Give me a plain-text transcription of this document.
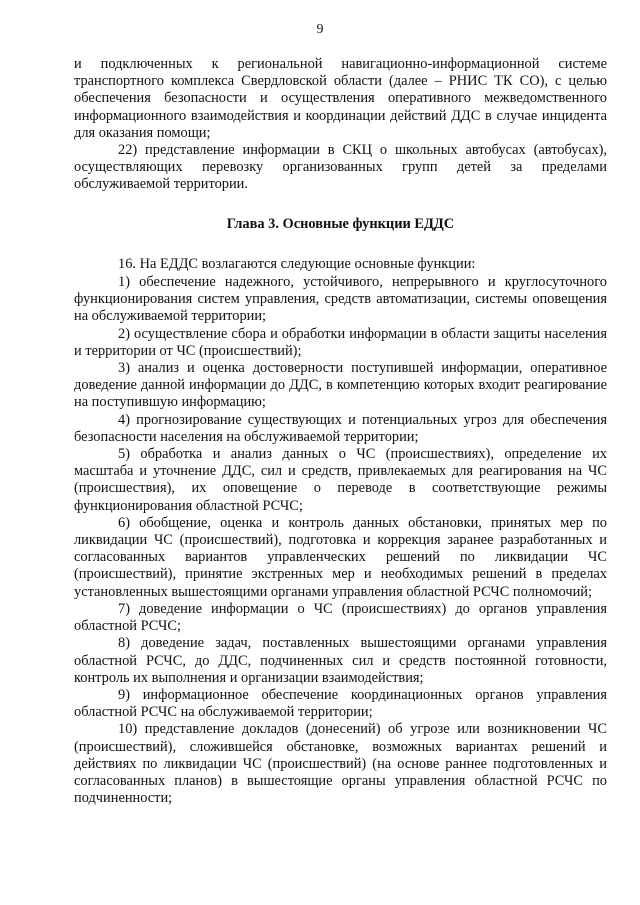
9

и подключенных к региональной навигационно-информационной системе транспортного комплекса Свердловской области (далее – РНИС ТК СО), с целью обеспечения безопасности и осуществления оперативного межведомственного информационного взаимодействия и координации действий ДДС в случае инцидента для оказания помощи;

22) представление информации в СКЦ о школьных автобусах (автобусах), осуществляющих перевозку организованных групп детей за пределами обслуживаемой территории.

Глава 3. Основные функции ЕДДС

16. На ЕДДС возлагаются следующие основные функции:

1) обеспечение надежного, устойчивого, непрерывного и круглосуточного функционирования систем управления, средств автоматизации, системы оповещения на обслуживаемой территории;

2) осуществление сбора и обработки информации в области защиты населения и территории от ЧС (происшествий);

3) анализ и оценка достоверности поступившей информации, оперативное доведение данной информации до ДДС, в компетенцию которых входит реагирование на поступившую информацию;

4) прогнозирование существующих и потенциальных угроз для обеспечения безопасности населения на обслуживаемой территории;

5) обработка и анализ данных о ЧС (происшествиях), определение их масштаба и уточнение ДДС, сил и средств, привлекаемых для реагирования на ЧС (происшествия), их оповещение о переводе в соответствующие режимы функционирования областной РСЧС;

6) обобщение, оценка и контроль данных обстановки, принятых мер по ликвидации ЧС (происшествий), подготовка и коррекция заранее разработанных и согласованных вариантов управленческих решений по ликвидации ЧС (происшествий), принятие экстренных мер и необходимых решений в пределах установленных вышестоящими органами управления областной РСЧС полномочий;

7) доведение информации о ЧС (происшествиях) до органов управления областной РСЧС;

8) доведение задач, поставленных вышестоящими органами управления областной РСЧС, до ДДС, подчиненных сил и средств постоянной готовности, контроль их выполнения и организации взаимодействия;

9) информационное обеспечение координационных органов управления областной РСЧС на обслуживаемой территории;

10) представление докладов (донесений) об угрозе или возникновении ЧС (происшествий), сложившейся обстановке, возможных вариантах решений и действиях по ликвидации ЧС (происшествий) (на основе раннее подготовленных и согласованных планов) в вышестоящие органы управления областной РСЧС по подчиненности;
